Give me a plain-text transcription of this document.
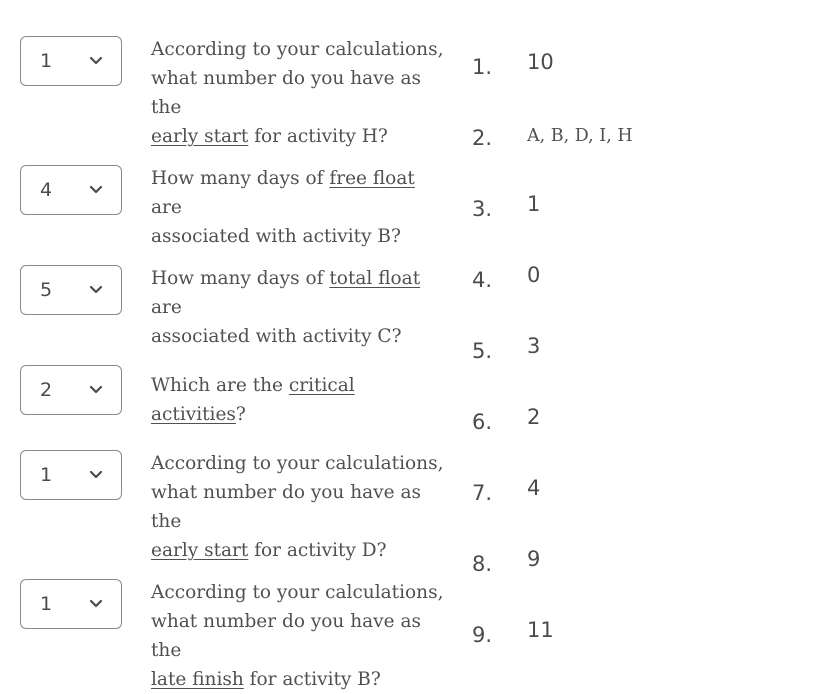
1
According to your calculations,
what number do you have as the
early start for activity H?
4
How many days of free float are
associated with activity B?
5
How many days of total float are
associated with activity C?
2	Which are the critical activities?
1
According to your calculations,
what number do you have as the
early start for activity D?
1
According to your calculations,
what number do you have as the
late finish for activity B?
1. 10
2. A, B, D, I, H
3. 1
4. 0
5. 3
6. 2
7. 4
8. 9
9. 11
